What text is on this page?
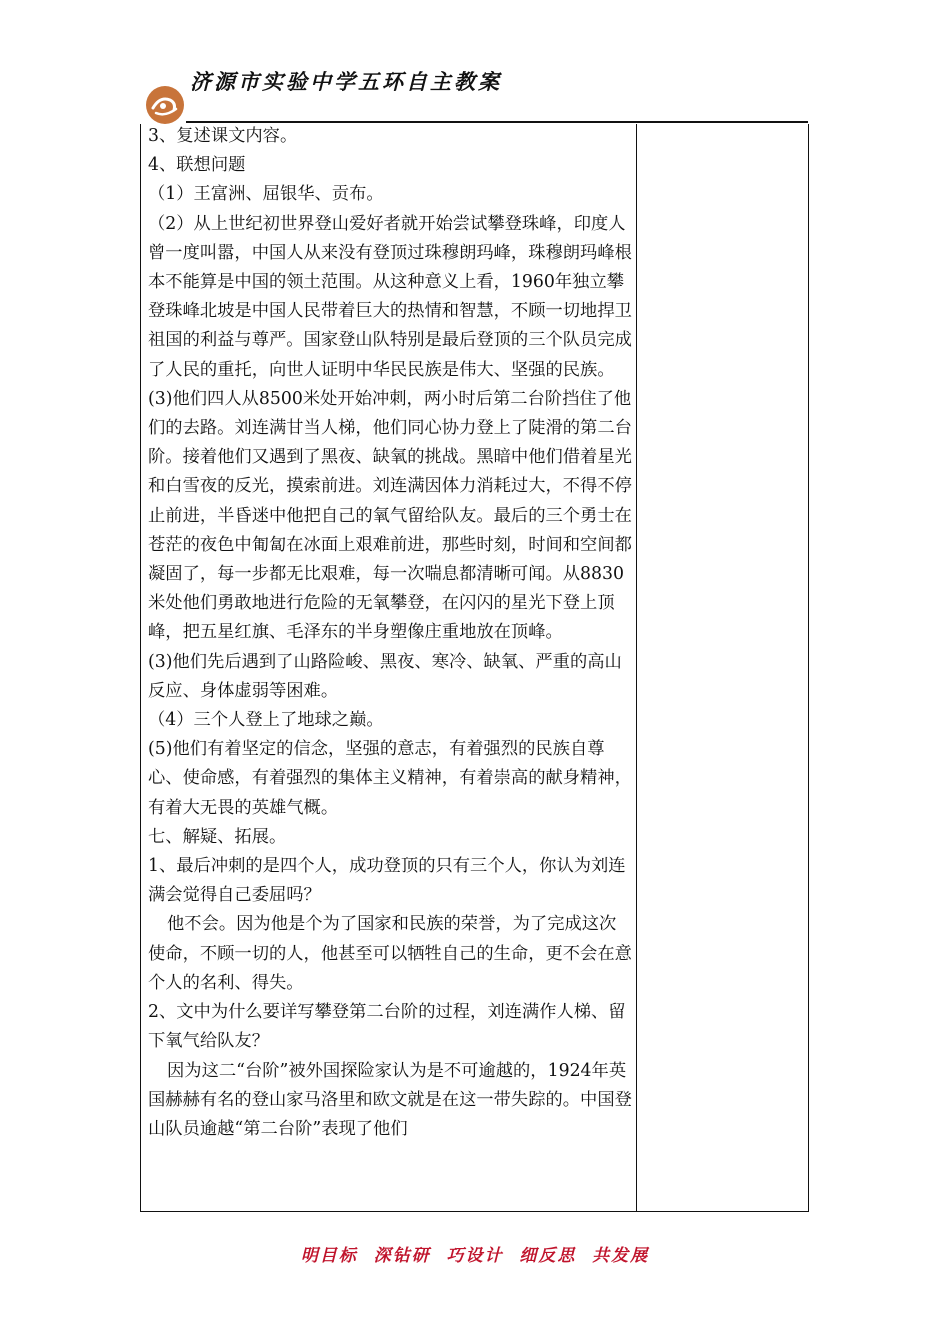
济源市实验中学五环自主教案

3、复述课文内容。

4、联想问题

（1）王富洲、屈银华、贡布。

（2）从上世纪初世界登山爱好者就开始尝试攀登珠峰，印度人曾一度叫嚣，中国人从来没有登顶过珠穆朗玛峰，珠穆朗玛峰根本不能算是中国的领土范围。从这种意义上看，1960年独立攀登珠峰北坡是中国人民带着巨大的热情和智慧，不顾一切地捍卫祖国的利益与尊严。国家登山队特别是最后登顶的三个队员完成了人民的重托，向世人证明中华民民族是伟大、坚强的民族。

(3)他们四人从8500米处开始冲刺，两小时后第二台阶挡住了他们的去路。刘连满甘当人梯，他们同心协力登上了陡滑的第二台阶。接着他们又遇到了黑夜、缺氧的挑战。黑暗中他们借着星光和白雪夜的反光，摸索前进。刘连满因体力消耗过大，不得不停止前进，半昏迷中他把自己的氧气留给队友。最后的三个勇士在苍茫的夜色中匍匐在冰面上艰难前进，那些时刻，时间和空间都凝固了，每一步都无比艰难，每一次喘息都清晰可闻。从8830米处他们勇敢地进行危险的无氧攀登，在闪闪的星光下登上顶峰，把五星红旗、毛泽东的半身塑像庄重地放在顶峰。

(3)他们先后遇到了山路险峻、黑夜、寒冷、缺氧、严重的高山反应、身体虚弱等困难。

（4）三个人登上了地球之巅。

(5)他们有着坚定的信念，坚强的意志，有着强烈的民族自尊心、使命感，有着强烈的集体主义精神，有着崇高的献身精神，有着大无畏的英雄气概。

七、解疑、拓展。

1、最后冲刺的是四个人，成功登顶的只有三个人，你认为刘连满会觉得自己委屈吗？

他不会。因为他是个为了国家和民族的荣誉，为了完成这次使命，不顾一切的人，他甚至可以牺牲自己的生命，更不会在意个人的名利、得失。

2、文中为什么要详写攀登第二台阶的过程，刘连满作人梯、留下氧气给队友？

因为这二“台阶”被外国探险家认为是不可逾越的，1924年英国赫赫有名的登山家马洛里和欧文就是在这一带失踪的。中国登山队员逾越“第二台阶”表现了他们

明目标  深钻研  巧设计  细反思  共发展
